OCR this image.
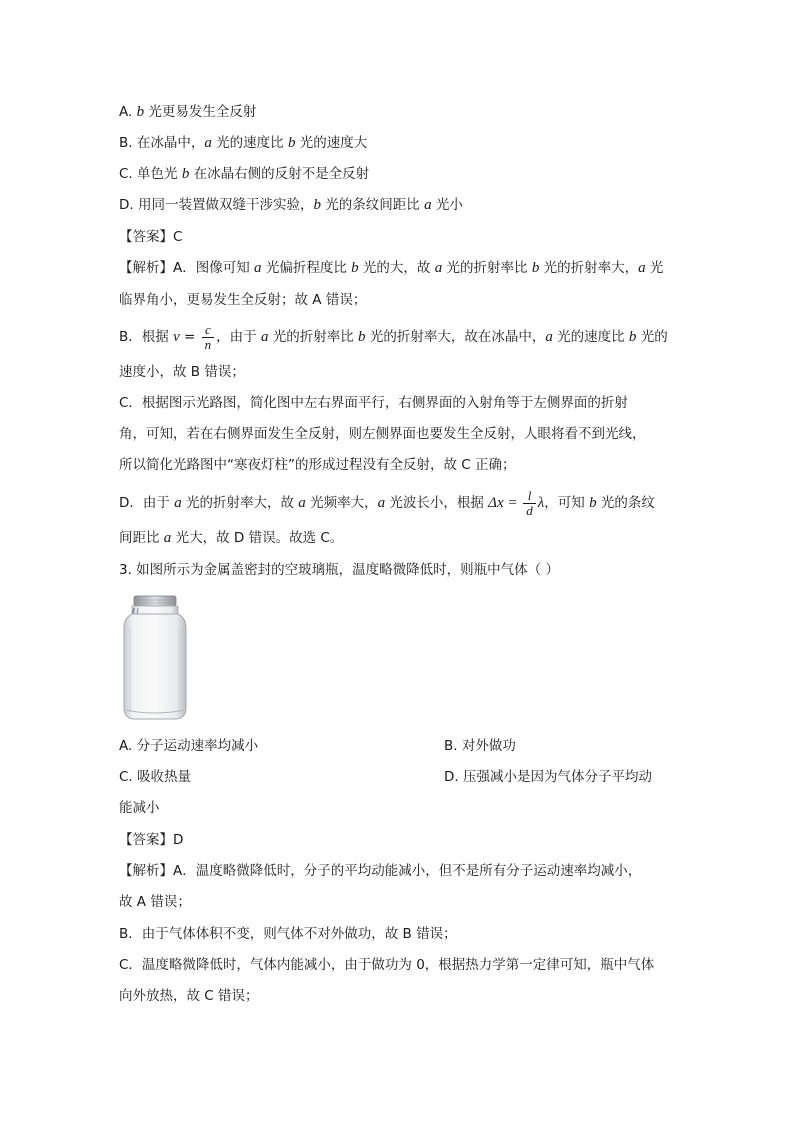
A. b 光更易发生全反射
B. 在冰晶中，a 光的速度比 b 光的速度大
C. 单色光 b 在冰晶右侧的反射不是全反射
D. 用同一装置做双缝干涉实验，b 光的条纹间距比 a 光小
【答案】C
【解析】A．图像可知 a 光偏折程度比 b 光的大，故 a 光的折射率比 b 光的折射率大，a 光
临界角小，更易发生全反射；故 A 错误；
B．根据 $v = \frac{c}{n}$ ，由于 a 光的折射率比 b 光的折射率大，故在冰晶中，a 光的速度比 b 光的
速度小，故 B 错误；
C．根据图示光路图，简化图中左右界面平行，右侧界面的入射角等于左侧界面的折射
角，可知，若在右侧界面发生全反射，则左侧界面也要发生全反射，人眼将看不到光线，
所以简化光路图中“寒夜灯柱”的形成过程没有全反射，故 C 正确；
D．由于 a 光的折射率大，故 a 光频率大，a 光波长小，根据 $\Delta x = \frac{l}{d}$ λ，可知 b 光的条纹
间距比 a 光大，故 D 错误。故选 C。
3. 如图所示为金属盖密封的空玻璃瓶，温度略微降低时，则瓶中气体（ ）
A. 分子运动速率均减小	B. 对外做功
C. 吸收热量	D. 压强减小是因为气体分子平均动
能减小
【答案】D
【解析】A．温度略微降低时，分子的平均动能减小，但不是所有分子运动速率均减小，
故 A 错误；
B．由于气体体积不变，则气体不对外做功，故 B 错误；
C．温度略微降低时，气体内能减小，由于做功为 0，根据热力学第一定律可知，瓶中气体
向外放热，故 C 错误；
